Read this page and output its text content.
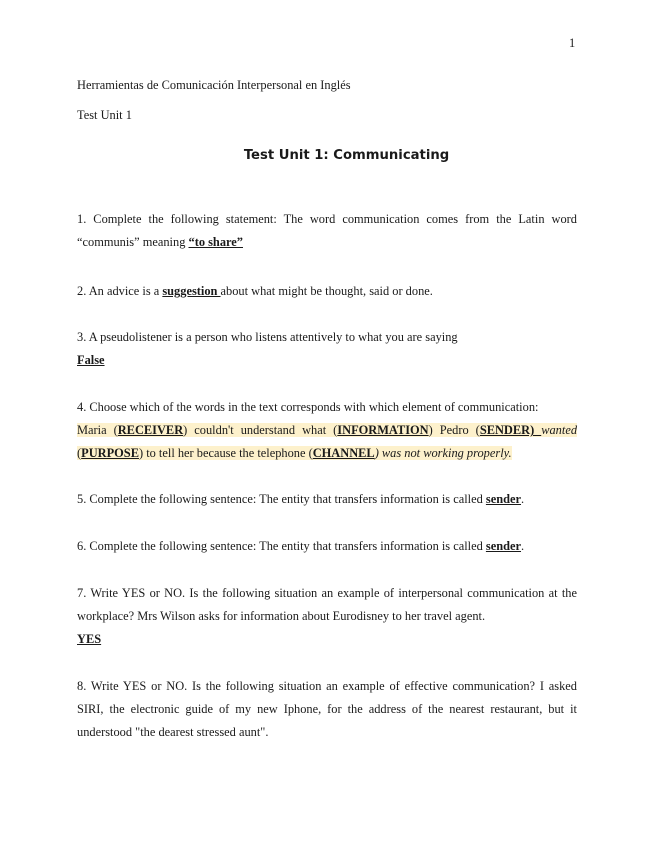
1
Herramientas de Comunicación Interpersonal en Inglés
Test Unit 1
Test Unit 1: Communicating
1. Complete the following statement: The word communication comes from the Latin word
“communis” meaning “to share”
2. An advice is a suggestion about what might be thought, said or done.
3. A pseudolistener is a person who listens attentively to what you are saying
False
4. Choose which of the words in the text corresponds with which element of communication:
Maria (RECEIVER) couldn't understand what (INFORMATION) Pedro (SENDER) wanted
(PURPOSE) to tell her because the telephone (CHANNEL) was not working properly.
5. Complete the following sentence: The entity that transfers information is called sender.
6. Complete the following sentence: The entity that transfers information is called sender.
7. Write YES or NO. Is the following situation an example of interpersonal communication at the
workplace? Mrs Wilson asks for information about Eurodisney to her travel agent.
YES
8. Write YES or NO. Is the following situation an example of effective communication? I asked
SIRI, the electronic guide of my new Iphone, for the address of the nearest restaurant, but it
understood "the dearest stressed aunt".
